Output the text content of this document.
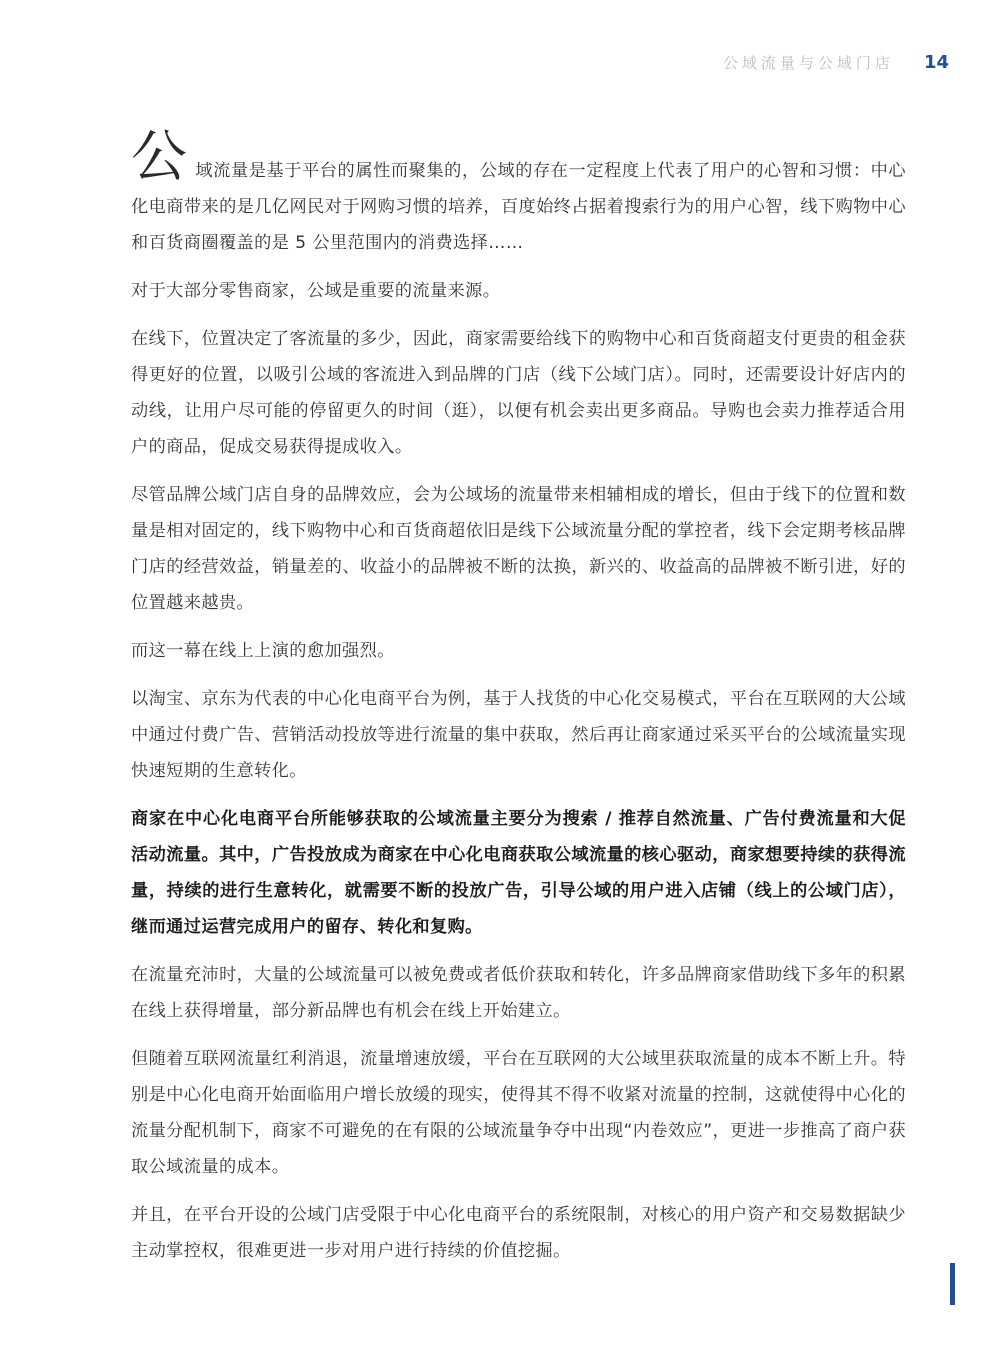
公域流量与公域门店 14

公 域流量是基于平台的属性而聚集的，公域的存在一定程度上代表了用户的心智和习惯：中心化电商带来的是几亿网民对于网购习惯的培养，百度始终占据着搜索行为的用户心智，线下购物中心和百货商圈覆盖的是 5 公里范围内的消费选择……

对于大部分零售商家，公域是重要的流量来源。

在线下，位置决定了客流量的多少，因此，商家需要给线下的购物中心和百货商超支付更贵的租金获得更好的位置，以吸引公域的客流进入到品牌的门店（线下公域门店）。同时，还需要设计好店内的动线，让用户尽可能的停留更久的时间（逛），以便有机会卖出更多商品。导购也会卖力推荐适合用户的商品，促成交易获得提成收入。

尽管品牌公域门店自身的品牌效应，会为公域场的流量带来相辅相成的增长，但由于线下的位置和数量是相对固定的，线下购物中心和百货商超依旧是线下公域流量分配的掌控者，线下会定期考核品牌门店的经营效益，销量差的、收益小的品牌被不断的汰换，新兴的、收益高的品牌被不断引进，好的位置越来越贵。

而这一幕在线上上演的愈加强烈。

以淘宝、京东为代表的中心化电商平台为例，基于人找货的中心化交易模式，平台在互联网的大公域中通过付费广告、营销活动投放等进行流量的集中获取，然后再让商家通过采买平台的公域流量实现快速短期的生意转化。

商家在中心化电商平台所能够获取的公域流量主要分为搜索 / 推荐自然流量、广告付费流量和大促活动流量。其中，广告投放成为商家在中心化电商获取公域流量的核心驱动，商家想要持续的获得流量，持续的进行生意转化，就需要不断的投放广告，引导公域的用户进入店铺（线上的公域门店），继而通过运营完成用户的留存、转化和复购。

在流量充沛时，大量的公域流量可以被免费或者低价获取和转化，许多品牌商家借助线下多年的积累在线上获得增量，部分新品牌也有机会在线上开始建立。

但随着互联网流量红利消退，流量增速放缓，平台在互联网的大公域里获取流量的成本不断上升。特别是中心化电商开始面临用户增长放缓的现实，使得其不得不收紧对流量的控制，这就使得中心化的流量分配机制下，商家不可避免的在有限的公域流量争夺中出现“内卷效应”，更进一步推高了商户获取公域流量的成本。

并且，在平台开设的公域门店受限于中心化电商平台的系统限制，对核心的用户资产和交易数据缺少主动掌控权，很难更进一步对用户进行持续的价值挖掘。
